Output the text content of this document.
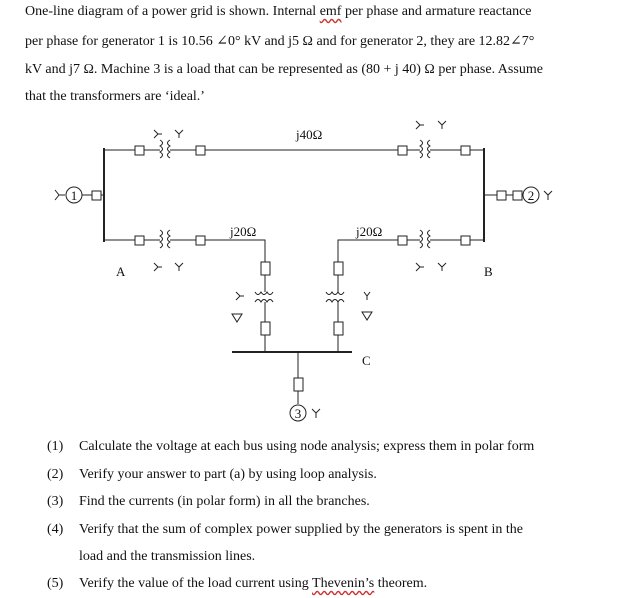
One-line diagram of a power grid is shown. Internal emf per phase and armature reactance
per phase for generator 1 is 10.56 ∠0° kV and j5 Ω and for generator 2, they are 12.82∠7°
kV and j7 Ω. Machine 3 is a load that can be represented as (80 + j 40) Ω per phase. Assume
that the transformers are ‘ideal.’
1
A
j40Ω
B
2
j20Ω	j20Ω
C
3
(1) Calculate the voltage at each bus using node analysis; express them in polar form
(2) Verify your answer to part (a) by using loop analysis.
(3) Find the currents (in polar form) in all the branches.
(4) Verify that the sum of complex power supplied by the generators is spent in the
load and the transmission lines.
(5) Verify the value of the load current using Thevenin’s theorem.
